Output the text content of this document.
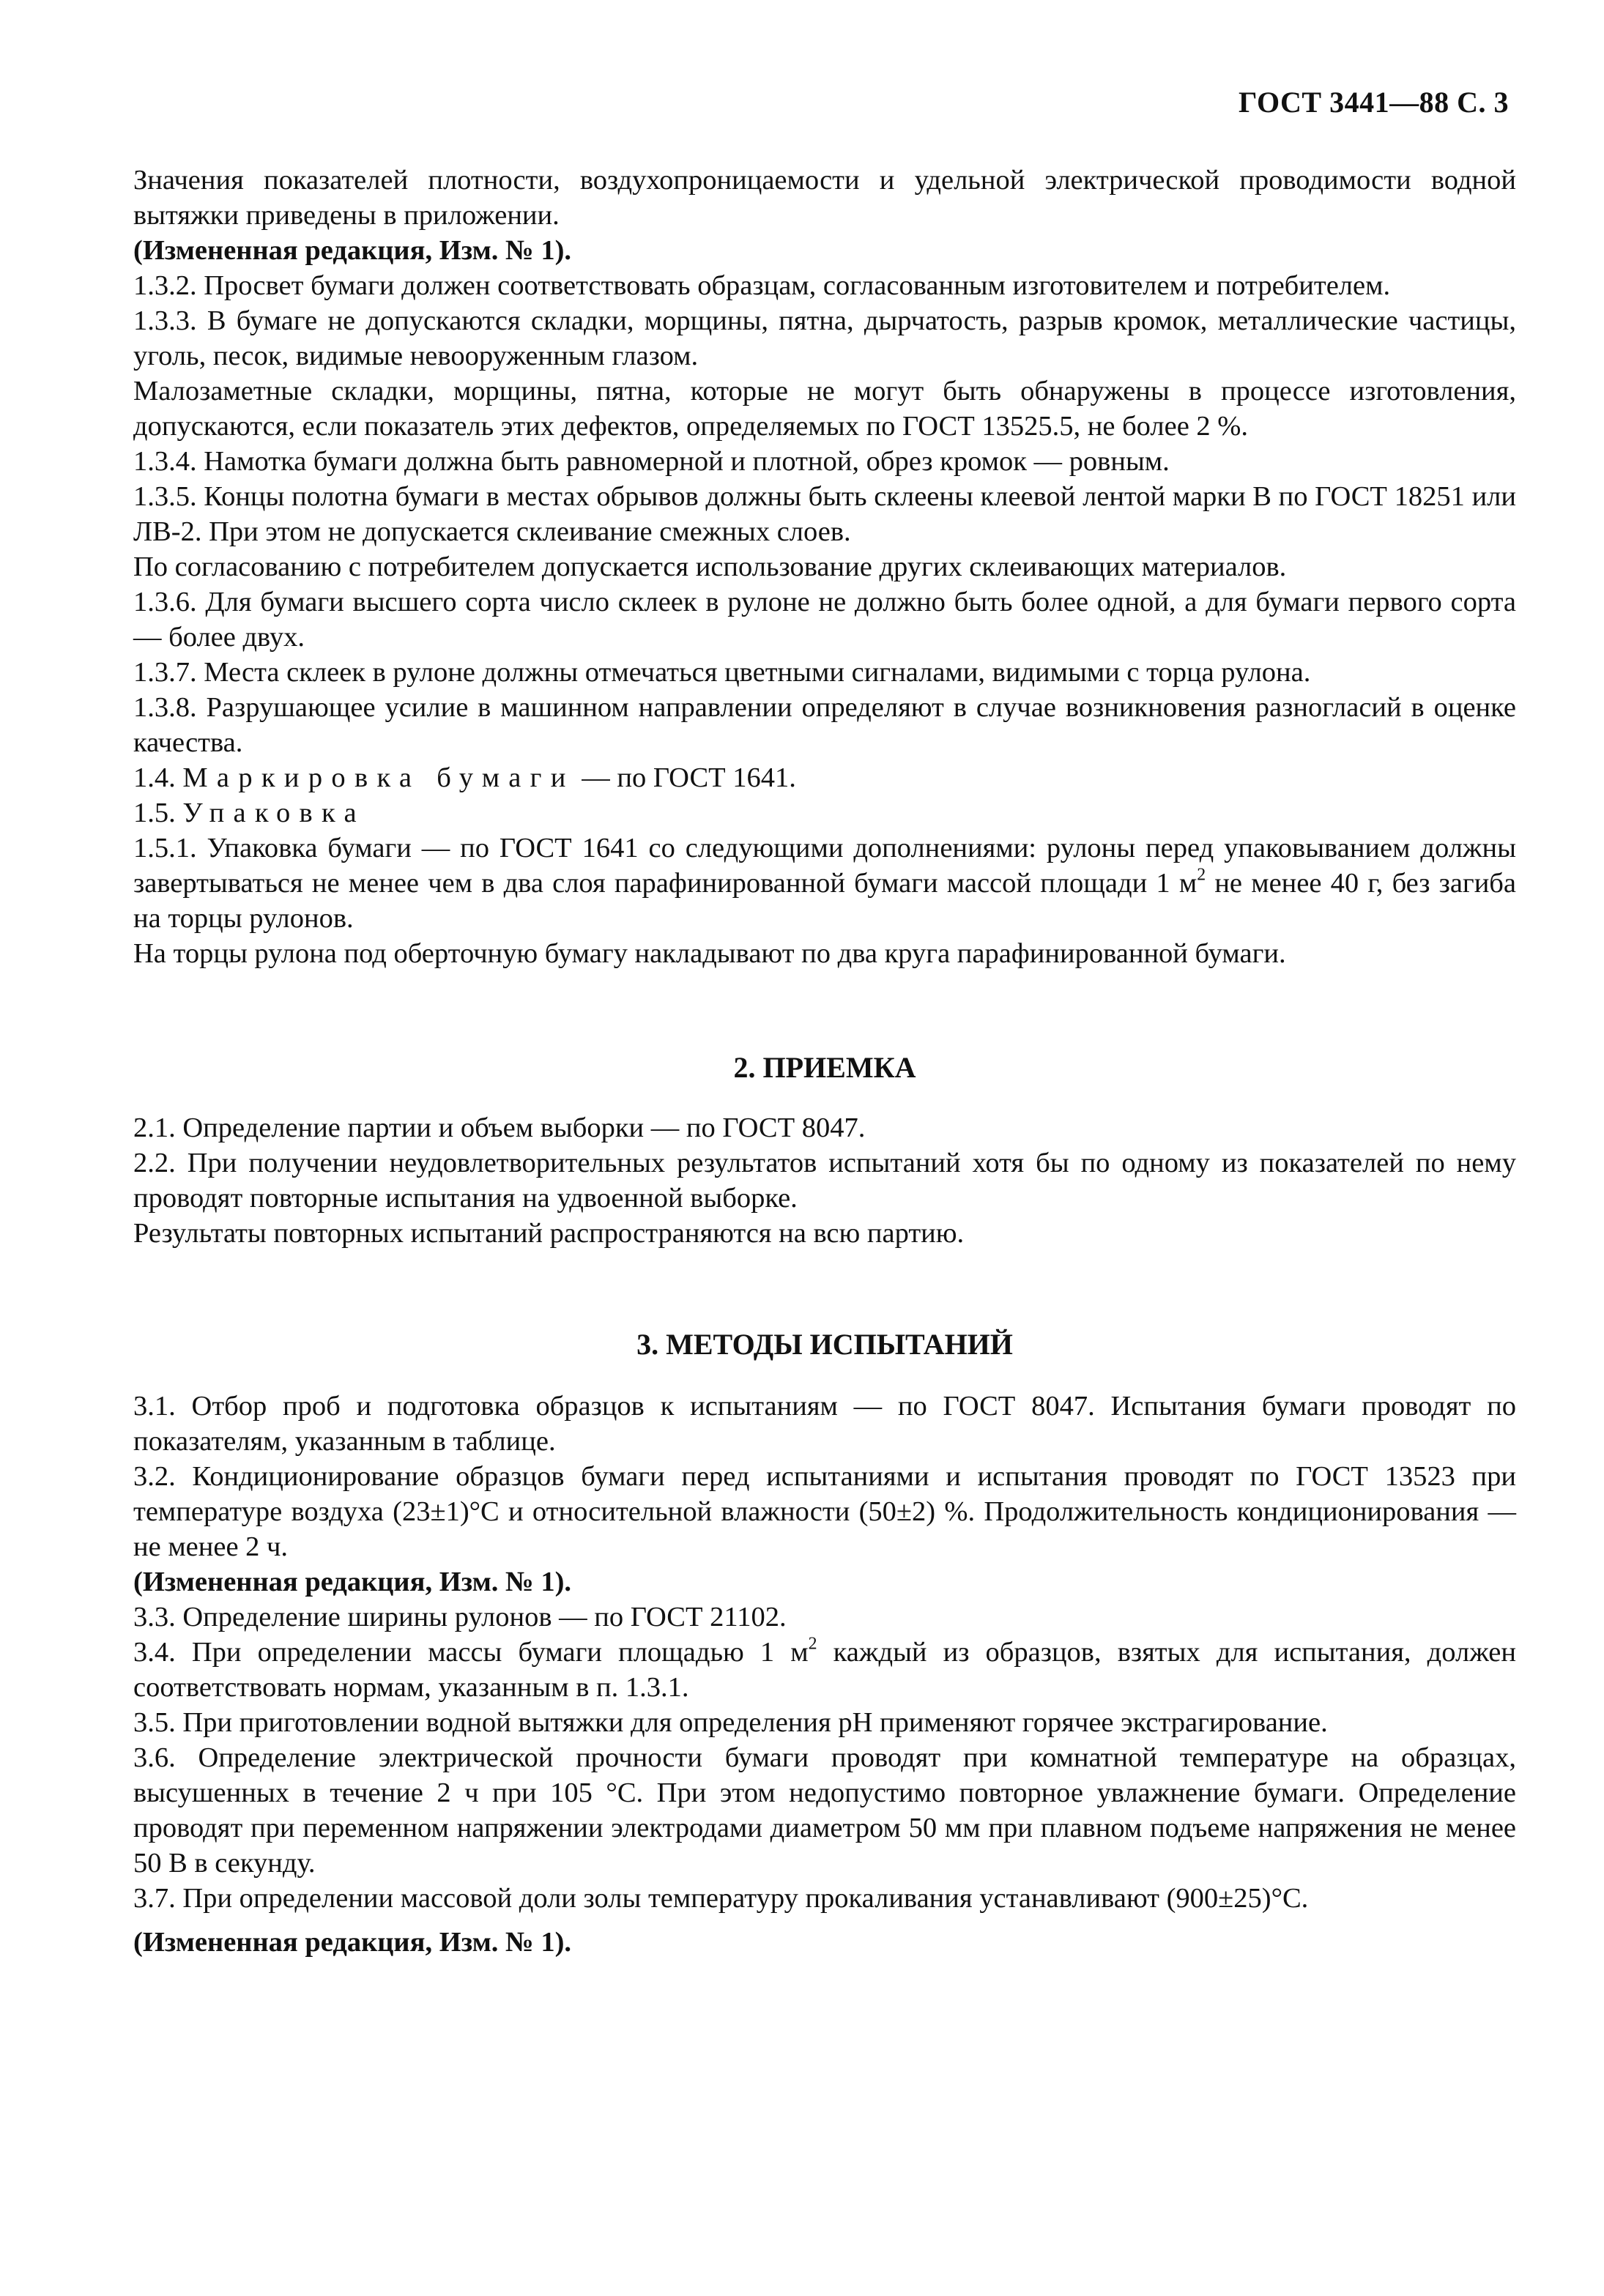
ГОСТ 3441—88 С. 3

Значения показателей плотности, воздухопроницаемости и удельной электрической проводимости водной вытяжки приведены в приложении.

(Измененная редакция, Изм. № 1).

1.3.2. Просвет бумаги должен соответствовать образцам, согласованным изготовителем и потребителем.

1.3.3. В бумаге не допускаются складки, морщины, пятна, дырчатость, разрыв кромок, металлические частицы, уголь, песок, видимые невооруженным глазом.

Малозаметные складки, морщины, пятна, которые не могут быть обнаружены в процессе изготовления, допускаются, если показатель этих дефектов, определяемых по ГОСТ 13525.5, не более 2 %.

1.3.4. Намотка бумаги должна быть равномерной и плотной, обрез кромок — ровным.

1.3.5. Концы полотна бумаги в местах обрывов должны быть склеены клеевой лентой марки В по ГОСТ 18251 или ЛВ-2. При этом не допускается склеивание смежных слоев.

По согласованию с потребителем допускается использование других склеивающих материалов.

1.3.6. Для бумаги высшего сорта число склеек в рулоне не должно быть более одной, а для бумаги первого сорта — более двух.

1.3.7. Места склеек в рулоне должны отмечаться цветными сигналами, видимыми с торца рулона.

1.3.8. Разрушающее усилие в машинном направлении определяют в случае возникновения разногласий в оценке качества.

1.4. Маркировка бумаги — по ГОСТ 1641.

1.5. Упаковка

1.5.1. Упаковка бумаги — по ГОСТ 1641 со следующими дополнениями: рулоны перед упаковыванием должны завертываться не менее чем в два слоя парафинированной бумаги массой площади 1 $м^2$ не менее 40 г, без загиба на торцы рулонов.

На торцы рулона под оберточную бумагу накладывают по два круга парафинированной бумаги.

2. ПРИЕМКА

2.1. Определение партии и объем выборки — по ГОСТ 8047.

2.2. При получении неудовлетворительных результатов испытаний хотя бы по одному из показателей по нему проводят повторные испытания на удвоенной выборке.

Результаты повторных испытаний распространяются на всю партию.

3. МЕТОДЫ ИСПЫТАНИЙ

3.1. Отбор проб и подготовка образцов к испытаниям — по ГОСТ 8047. Испытания бумаги проводят по показателям, указанным в таблице.

3.2. Кондиционирование образцов бумаги перед испытаниями и испытания проводят по ГОСТ 13523 при температуре воздуха (23±1)°С и относительной влажности (50±2) %. Продолжительность кондиционирования — не менее 2 ч.

(Измененная редакция, Изм. № 1).

3.3. Определение ширины рулонов — по ГОСТ 21102.

3.4. При определении массы бумаги площадью 1 $м^2$ каждый из образцов, взятых для испытания, должен соответствовать нормам, указанным в п. 1.3.1.

3.5. При приготовлении водной вытяжки для определения pH применяют горячее экстрагирование.

3.6. Определение электрической прочности бумаги проводят при комнатной температуре на образцах, высушенных в течение 2 ч при 105 °С. При этом недопустимо повторное увлажнение бумаги. Определение проводят при переменном напряжении электродами диаметром 50 мм при плавном подъеме напряжения не менее 50 В в секунду.

3.7. При определении массовой доли золы температуру прокаливания устанавливают (900±25)°С.

(Измененная редакция, Изм. № 1).
